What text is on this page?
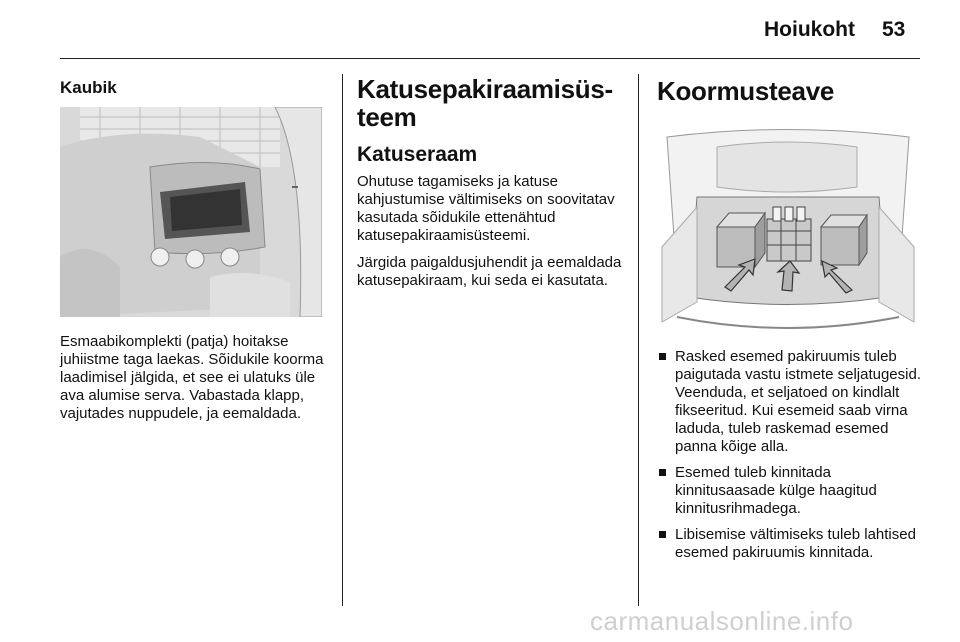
Hoiukoht 53
Kaubik
Esmaabikomplekti (patja) hoitakse juhiistme taga laekas. Sõidukile koorma laadimisel jälgida, et see ei ulatuks üle ava alumise serva. Vabastada klapp, vajutades nuppudele, ja eemaldada.
Katusepakiraamisüs-
teem
Katuseraam

Ohutuse tagamiseks ja katuse kahjustumise vältimiseks on soovitatav kasutada sõidukile ettenähtud katusepakiraamisüsteemi.

Järgida paigaldusjuhendit ja eemaldada katusepakiraam, kui seda ei kasutata.

Koormusteave
Rasked esemed pakiruumis tuleb paigutada vastu istmete seljatugesid. Veenduda, et seljatoed on kindlalt fikseeritud. Kui esemeid saab virna laduda, tuleb raskemad esemed panna kõige alla.
Esemed tuleb kinnitada kinnitusaasade külge haagitud kinnitusrihmadega.
Libisemise vältimiseks tuleb lahtised esemed pakiruumis kinnitada.
carmanualsonline.info
